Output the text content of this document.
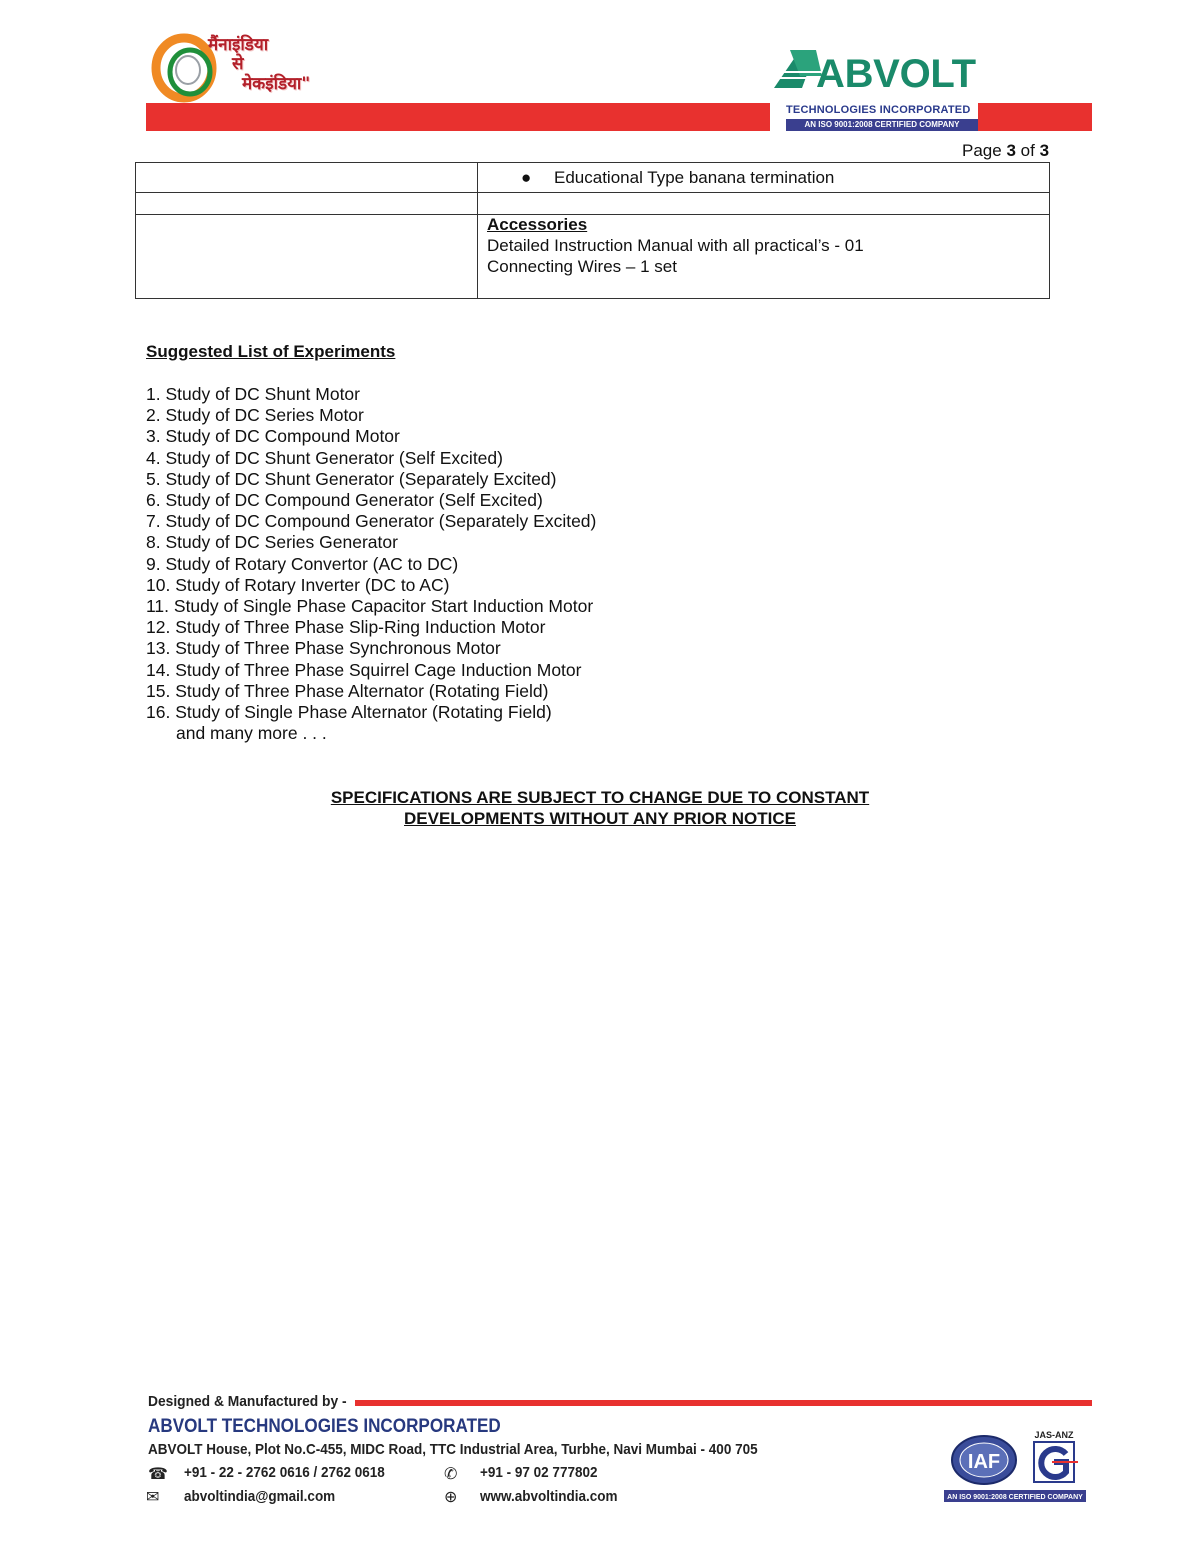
मैंनाइंडिया
से
मेकइंडिया"	ABVOLT
TECHNOLOGIES INCORPORATED
AN ISO 9001:2008 CERTIFIED COMPANY
Page 3 of 3
● Educational Type banana termination
Accessories
Detailed Instruction Manual with all practical’s - 01
Connecting Wires – 1 set
Suggested List of Experiments
1. Study of DC Shunt Motor
2. Study of DC Series Motor
3. Study of DC Compound Motor
4. Study of DC Shunt Generator (Self Excited)
5. Study of DC Shunt Generator (Separately Excited)
6. Study of DC Compound Generator (Self Excited)
7. Study of DC Compound Generator (Separately Excited)
8. Study of DC Series Generator
9. Study of Rotary Convertor (AC to DC)
10. Study of Rotary Inverter (DC to AC)
11. Study of Single Phase Capacitor Start Induction Motor
12. Study of Three Phase Slip-Ring Induction Motor
13. Study of Three Phase Synchronous Motor
14. Study of Three Phase Squirrel Cage Induction Motor
15. Study of Three Phase Alternator (Rotating Field)
16. Study of Single Phase Alternator (Rotating Field)
and many more . . .
SPECIFICATIONS ARE SUBJECT TO CHANGE DUE TO CONSTANT
DEVELOPMENTS WITHOUT ANY PRIOR NOTICE
Designed & Manufactured by -
ABVOLT TECHNOLOGIES INCORPORATED
ABVOLT House, Plot No.C-455, MIDC Road, TTC Industrial Area, Turbhe, Navi Mumbai - 400 705
☎ +91 - 22 - 2762 0616 / 2762 0618	✆ +91 - 97 02 777802
✉ abvoltindia@gmail.com	⊕ www.abvoltindia.com
IAF
JAS-ANZ
AN ISO 9001:2008 CERTIFIED COMPANY
